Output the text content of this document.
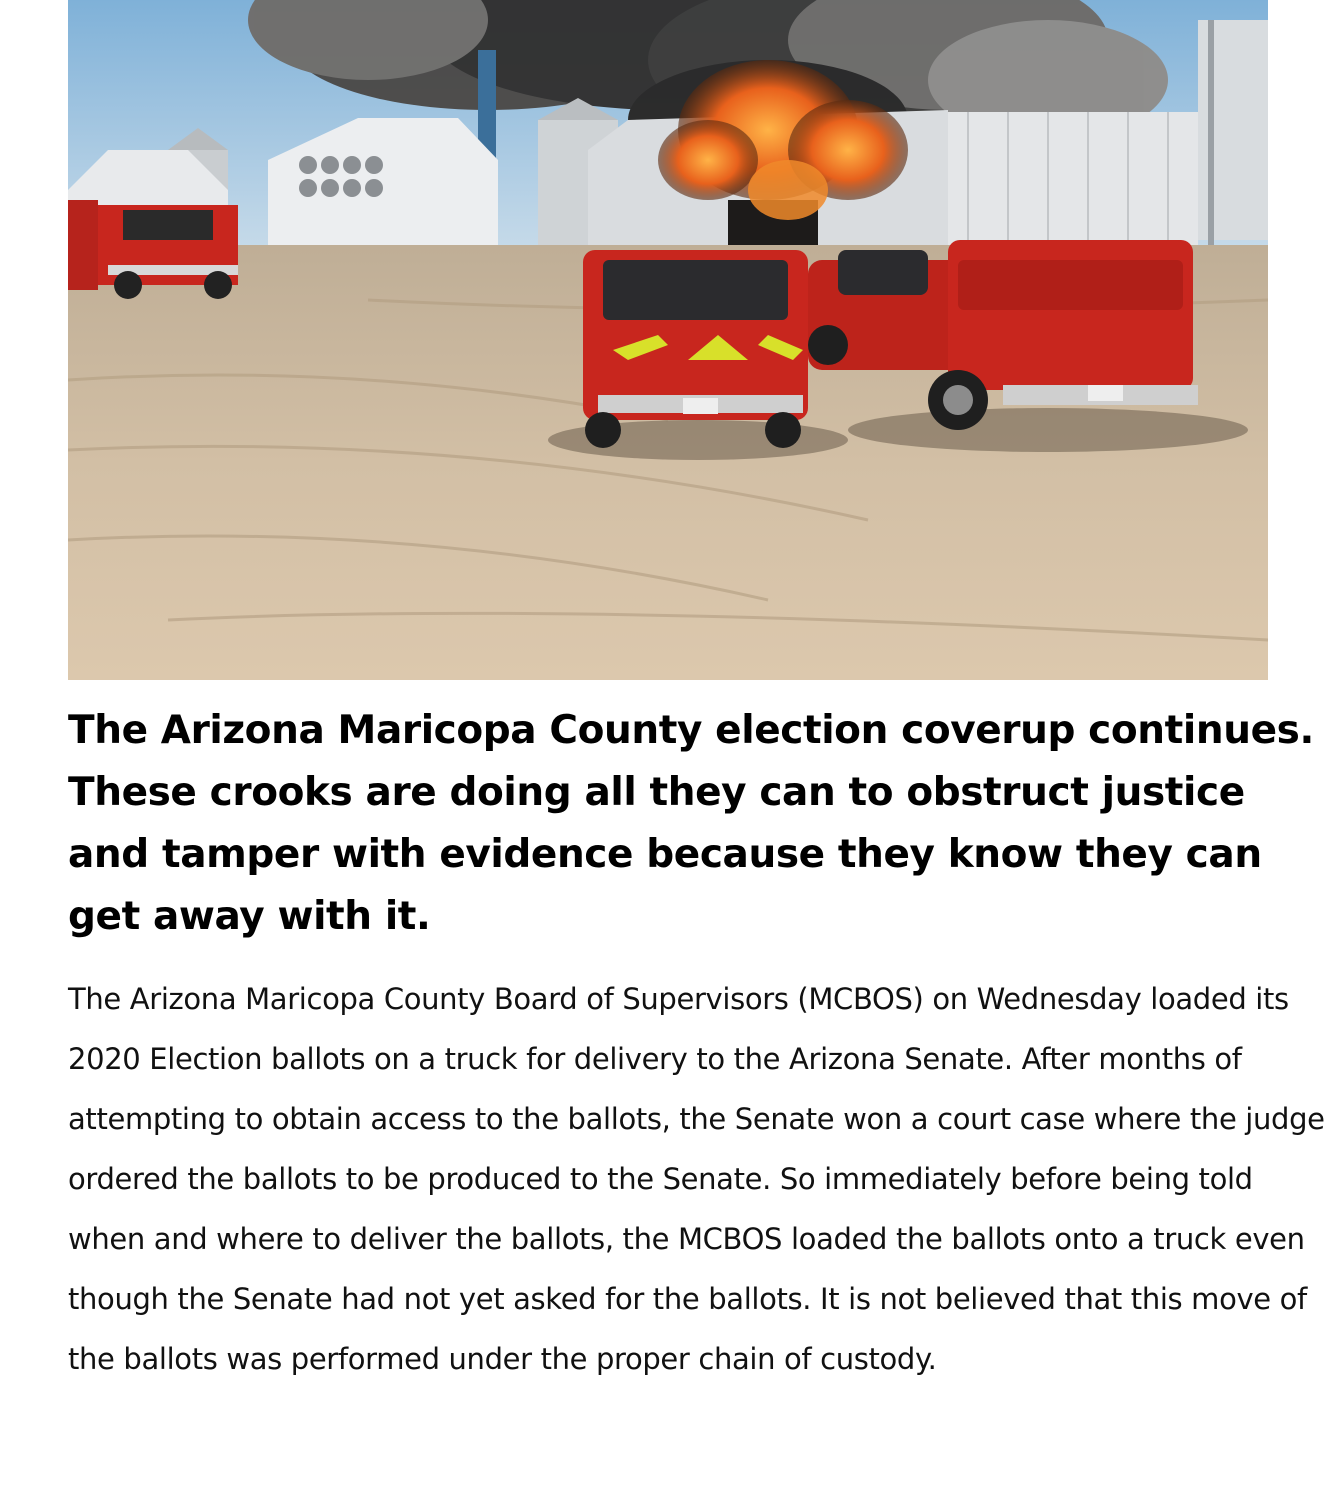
The Arizona Maricopa County election coverup continues. These crooks are doing all they can to obstruct justice and tamper with evidence because they know they can get away with it.

The Arizona Maricopa County Board of Supervisors (MCBOS) on Wednesday loaded its 2020 Election ballots on a truck for delivery to the Arizona Senate. After months of attempting to obtain access to the ballots, the Senate won a court case where the judge ordered the ballots to be produced to the Senate. So immediately before being told when and where to deliver the ballots, the MCBOS loaded the ballots onto a truck even though the Senate had not yet asked for the ballots. It is not believed that this move of the ballots was performed under the proper chain of custody.
